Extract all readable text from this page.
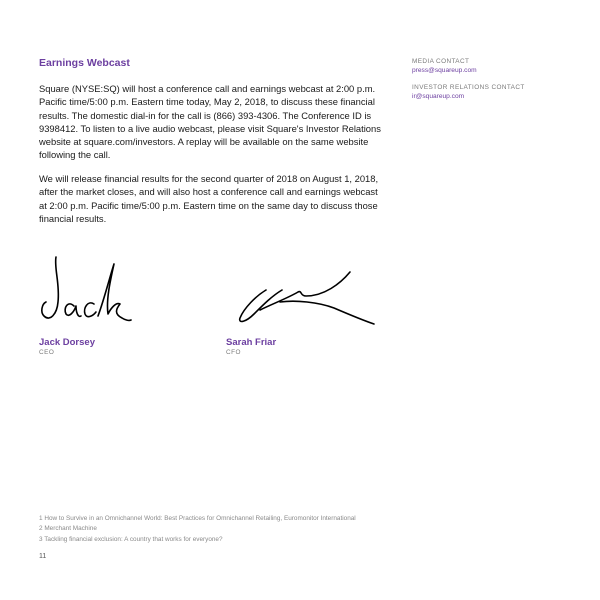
Earnings Webcast

Square (NYSE:SQ) will host a conference call and earnings webcast at 2:00 p.m. Pacific time/5:00 p.m. Eastern time today, May 2, 2018, to discuss these financial results. The domestic dial-in for the call is (866) 393-4306. The Conference ID is 9398412. To listen to a live audio webcast, please visit Square's Investor Relations website at square.com/investors. A replay will be available on the same website following the call.

We will release financial results for the second quarter of 2018 on August 1, 2018, after the market closes, and will also host a conference call and earnings webcast at 2:00 p.m. Pacific time/5:00 p.m. Eastern time on the same day to discuss those financial results.

MEDIA CONTACT
press@squareup.com
INVESTOR RELATIONS CONTACT
ir@squareup.com
Jack Dorsey
CEO
Sarah Friar
CFO
1 How to Survive in an Omnichannel World: Best Practices for Omnichannel Retailing, Euromonitor International
2 Merchant Machine
3 Tackling financial exclusion: A country that works for everyone?
11
